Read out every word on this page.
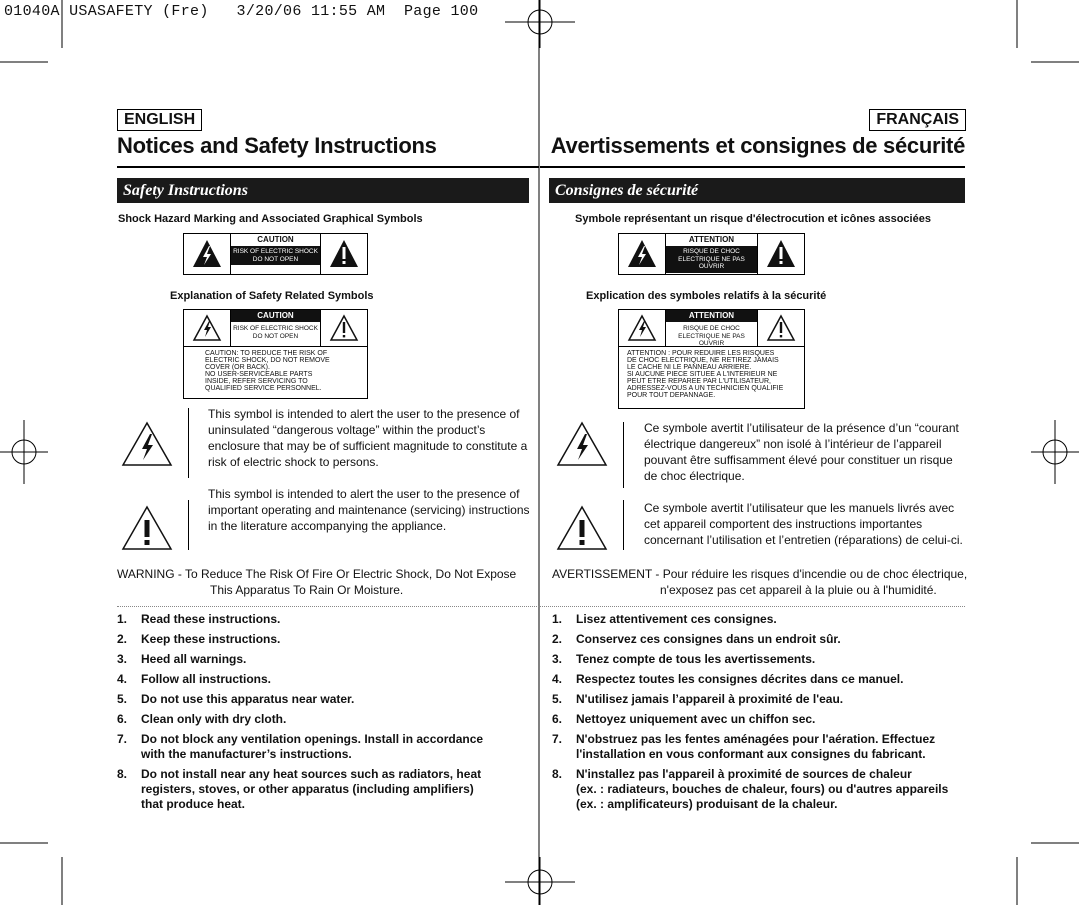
01040A USASAFETY (Fre)   3/20/06 11:55 AM  Page 100
ENGLISH
Notices and Safety Instructions
Safety Instructions
Shock Hazard Marking and Associated Graphical Symbols
CAUTION
RISK OF ELECTRIC SHOCK
DO NOT OPEN
Explanation of Safety Related Symbols
CAUTION
RISK OF ELECTRIC SHOCK
DO NOT OPEN
CAUTION: TO REDUCE THE RISK OF
ELECTRIC SHOCK, DO NOT REMOVE
COVER (OR BACK).
NO USER-SERVICEABLE PARTS
INSIDE, REFER SERVICING TO
QUALIFIED SERVICE PERSONNEL.
This symbol is intended to alert the user to the presence of uninsulated “dangerous voltage” within the product’s enclosure that may be of sufficient magnitude to constitute a risk of electric shock to persons.
This symbol is intended to alert the user to the presence of important operating and maintenance (servicing) instructions in the literature accompanying the appliance.
WARNING - To Reduce The Risk Of Fire Or Electric Shock, Do Not Expose
This Apparatus To Rain Or Moisture.
1. Read these instructions.
2. Keep these instructions.
3. Heed all warnings.
4. Follow all instructions.
5. Do not use this apparatus near water.
6. Clean only with dry cloth.
7. Do not block any ventilation openings. Install in accordance
with the manufacturer’s instructions.
8. Do not install near any heat sources such as radiators, heat
registers, stoves, or other apparatus (including amplifiers)
that produce heat.
FRANÇAIS
Avertissements et consignes de sécurité
Consignes de sécurité
Symbole représentant un risque d'électrocution et icônes associées
ATTENTION
RISQUE DE CHOC
ELECTRIQUE NE PAS OUVRIR
Explication des symboles relatifs à la sécurité
ATTENTION
RISQUE DE CHOC
ELECTRIQUE NE PAS OUVRIR
ATTENTION : POUR REDUIRE LES RISQUES
DE CHOC ELECTRIQUE, NE RETIREZ JAMAIS
LE CACHE NI LE PANNEAU ARRIERE.
SI AUCUNE PIECE SITUEE A L'INTERIEUR NE
PEUT ETRE REPAREE PAR L'UTILISATEUR,
ADRESSEZ-VOUS A UN TECHNICIEN QUALIFIE
POUR TOUT DEPANNAGE.
Ce symbole avertit l’utilisateur de la présence d’un “courant électrique dangereux” non isolé à l’intérieur de l’appareil pouvant être suffisamment élevé pour constituer un risque de choc électrique.
Ce symbole avertit l’utilisateur que les manuels livrés avec cet appareil comportent des instructions importantes concernant l’utilisation et l’entretien (réparations) de celui-ci.
AVERTISSEMENT - Pour réduire les risques d'incendie ou de choc électrique,
n'exposez pas cet appareil à la pluie ou à l'humidité.
1. Lisez attentivement ces consignes.
2. Conservez ces consignes dans un endroit sûr.
3. Tenez compte de tous les avertissements.
4. Respectez toutes les consignes décrites dans ce manuel.
5. N'utilisez jamais l’appareil à proximité de l'eau.
6. Nettoyez uniquement avec un chiffon sec.
7. N'obstruez pas les fentes aménagées pour l'aération. Effectuez
l'installation en vous conformant aux consignes du fabricant.
8. N'installez pas l'appareil à proximité de sources de chaleur
(ex. : radiateurs, bouches de chaleur, fours) ou d'autres appareils
(ex. : amplificateurs) produisant de la chaleur.
